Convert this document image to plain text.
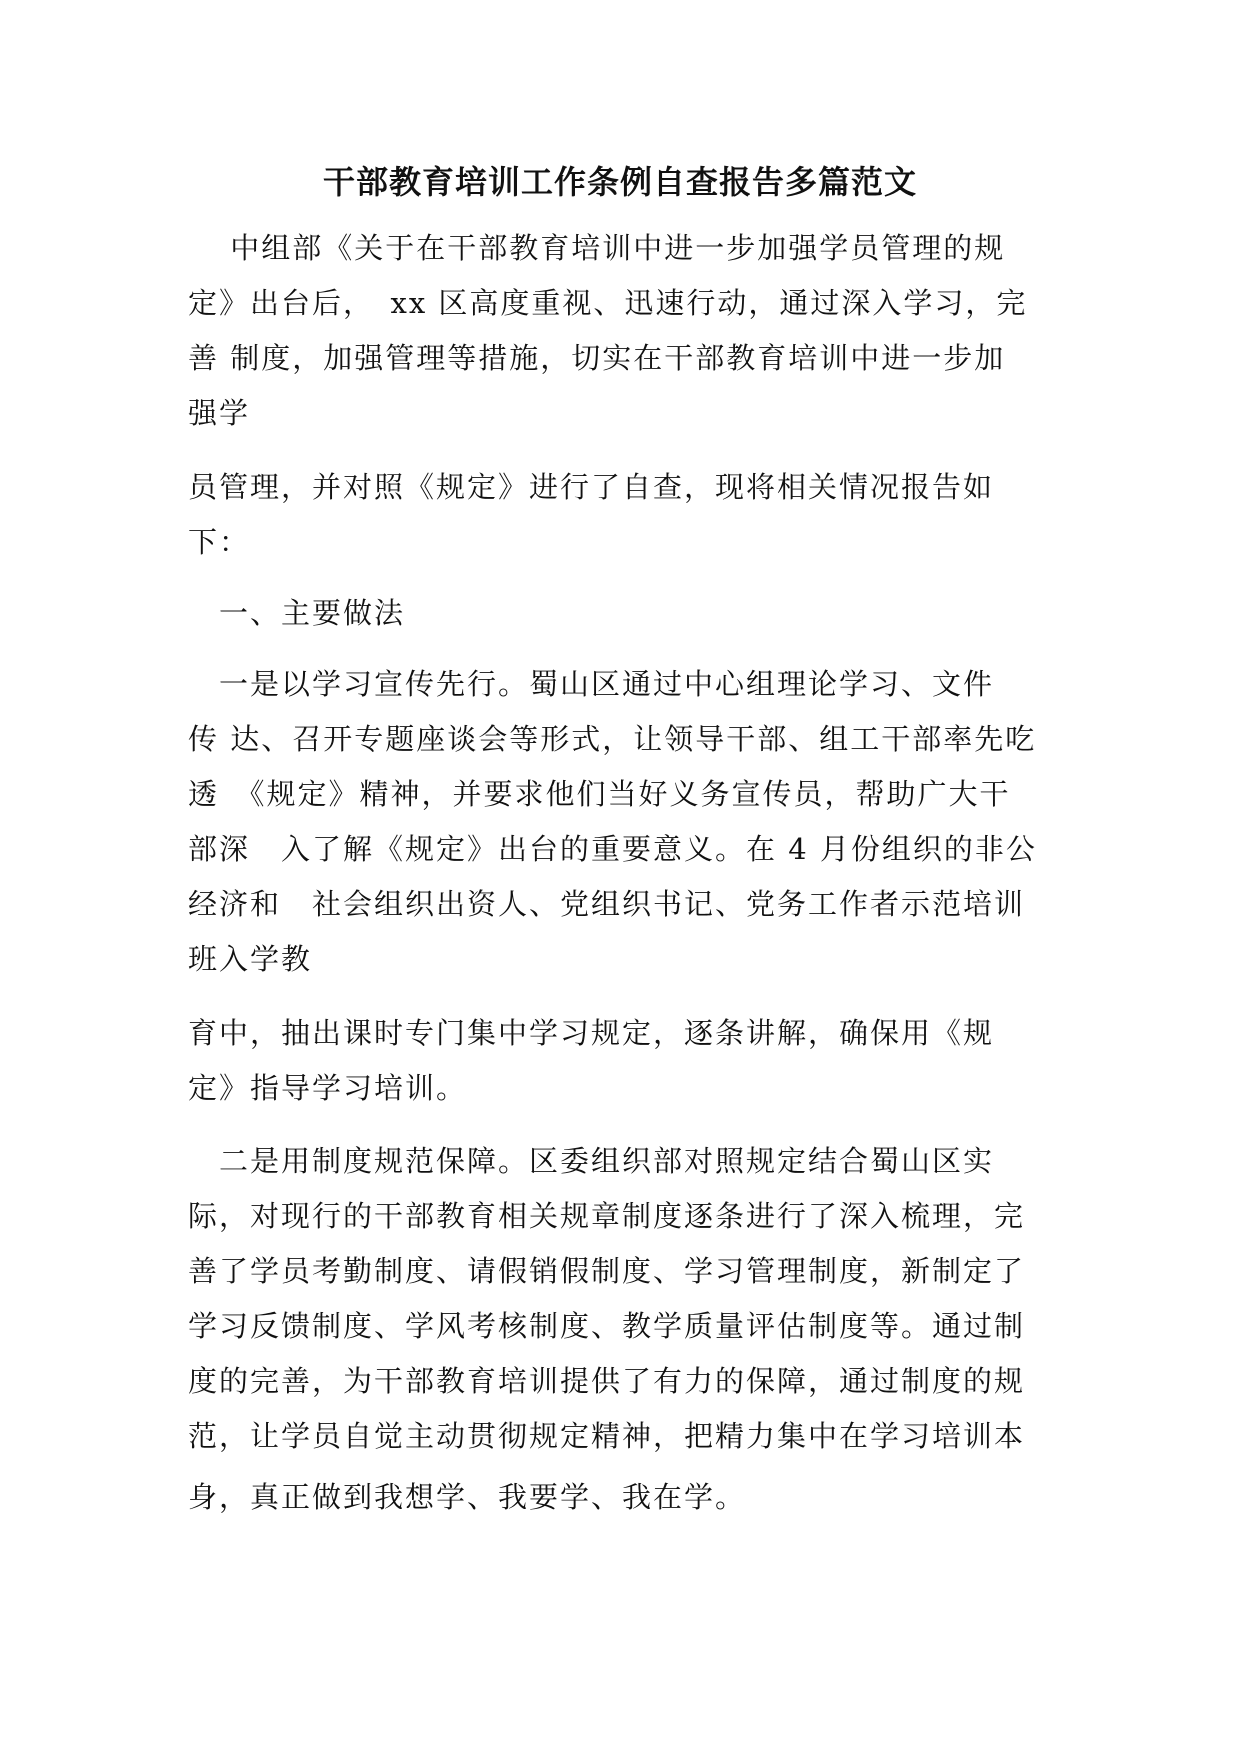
干部教育培训工作条例自查报告多篇范文
　 中组部《关于在干部教育培训中进一步加强学员管理的规
定》出台后，　xx 区高度重视、迅速行动，通过深入学习，完
善 制度，加强管理等措施，切实在干部教育培训中进一步加
强学
员管理，并对照《规定》进行了自查，现将相关情况报告如
下：
　一、主要做法
　一是以学习宣传先行。蜀山区通过中心组理论学习、文件
传 达、召开专题座谈会等形式，让领导干部、组工干部率先吃
透　《规定》精神，并要求他们当好义务宣传员，帮助广大干
部深　入了解《规定》出台的重要意义。在 4 月份组织的非公
经济和　社会组织出资人、党组织书记、党务工作者示范培训
班入学教
育中，抽出课时专门集中学习规定，逐条讲解，确保用《规
定》指导学习培训。
　二是用制度规范保障。区委组织部对照规定结合蜀山区实
际，对现行的干部教育相关规章制度逐条进行了深入梳理，完
善了学员考勤制度、请假销假制度、学习管理制度，新制定了
学习反馈制度、学风考核制度、教学质量评估制度等。通过制
度的完善，为干部教育培训提供了有力的保障，通过制度的规
范，让学员自觉主动贯彻规定精神，把精力集中在学习培训本
身，真正做到我想学、我要学、我在学。
